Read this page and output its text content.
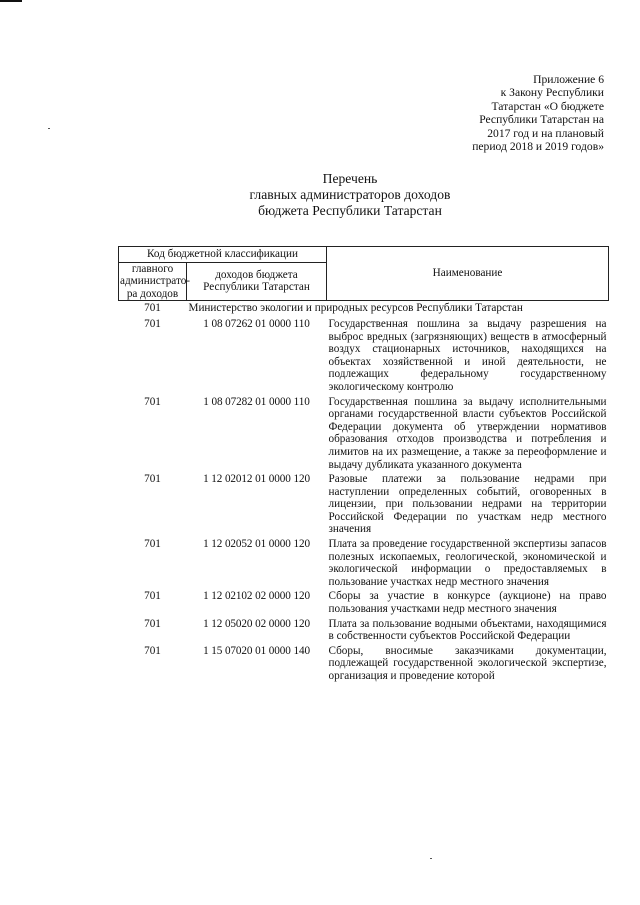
Приложение 6
к Закону Республики
Татарстан «О бюджете
Республики Татарстан на
2017 год и на плановый
период 2018 и 2019 годов»
Перечень
главных администраторов доходов
бюджета Республики Татарстан
Код бюджетной классификации		Наименование
главного администрато-ра доходов	доходов бюджета Республики Татарстан	
701	Министерство экологии и природных ресурсов Республики Татарстан	
701	1 08 07262 01 0000 110	Государственная пошлина за выдачу разрешения на выброс вредных (загрязняющих) веществ в атмосферный воздух стационарных источников, находящихся на объектах хозяйственной и иной деятельности, не подлежащих федеральному государственному экологическому контролю
701	1 08 07282 01 0000 110	Государственная пошлина за выдачу исполнительными органами государственной власти субъектов Российской Федерации документа об утверждении нормативов образования отходов производства и потребления и лимитов на их размещение, а также за переоформление и выдачу дубликата указанного документа
701	1 12 02012 01 0000 120	Разовые платежи за пользование недрами при наступлении определенных событий, оговоренных в лицензии, при пользовании недрами на территории Российской Федерации по участкам недр местного значения
701	1 12 02052 01 0000 120	Плата за проведение государственной экспертизы запасов полезных ископаемых, геологической, экономической и экологической информации о предоставляемых в пользование участках недр местного значения
701	1 12 02102 02 0000 120	Сборы за участие в конкурсе (аукционе) на право пользования участками недр местного значения
701	1 12 05020 02 0000 120	Плата за пользование водными объектами, находящимися в собственности субъектов Российской Федерации
701	1 15 07020 01 0000 140	Сборы, вносимые заказчиками документации, подлежащей государственной экологической экспертизе, организация и проведение которой
